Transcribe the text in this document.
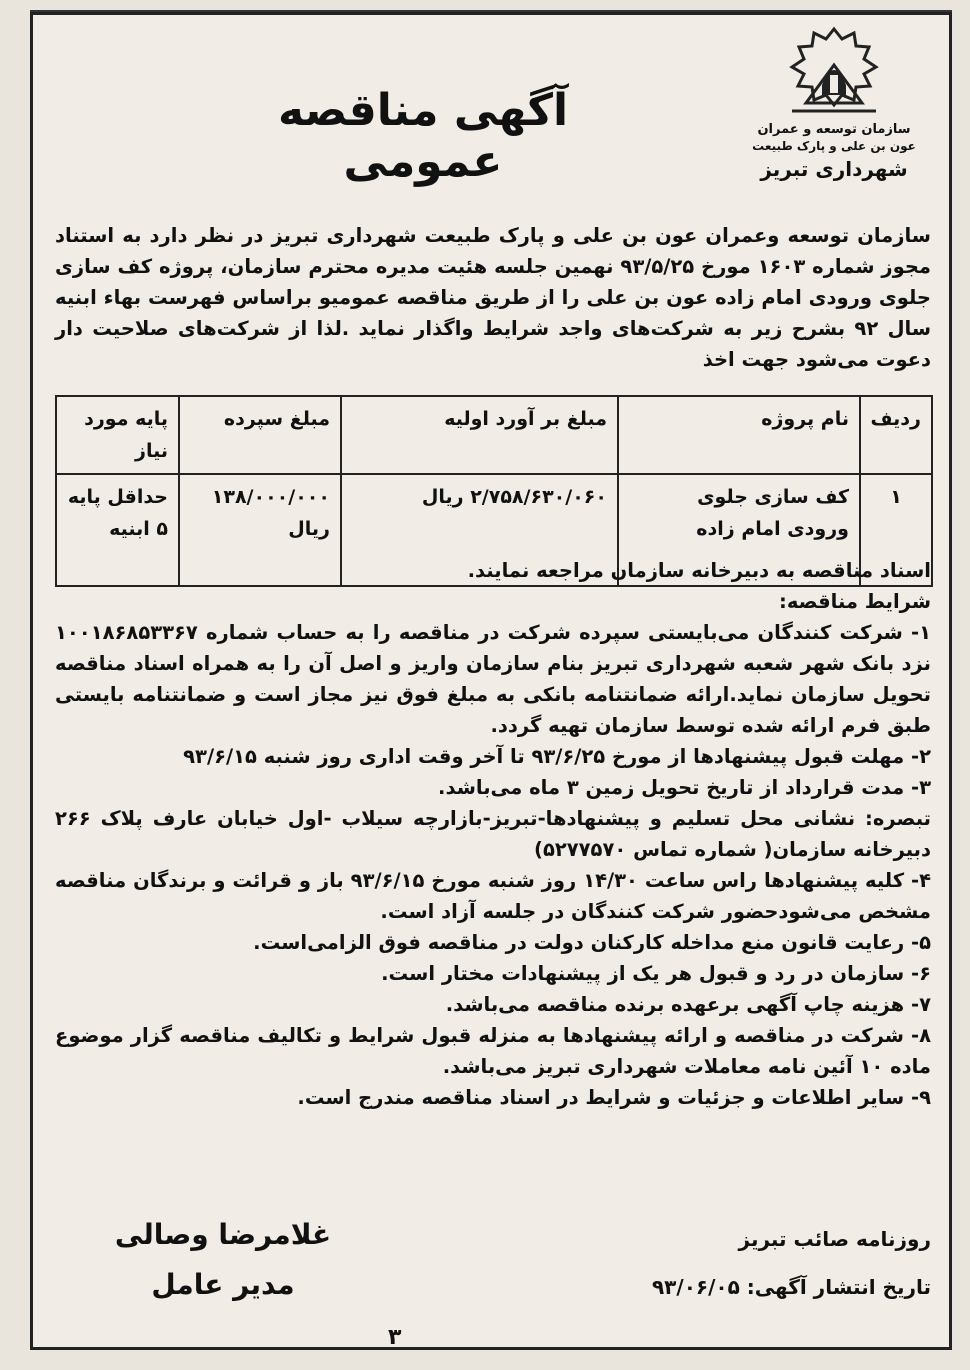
آگهی مناقصه عمومی
سازمان توسعه و عمران
عون بن علی و پارک طبیعت
شهرداری تبریز
سازمان توسعه وعمران عون بن علی و پارک طبیعت شهرداری تبریز در نظر دارد به استناد مجوز شماره ۱۶۰۳ مورخ ۹۳/۵/۲۵ نهمین جلسه هئیت مدیره محترم سازمان، پروژه کف سازی جلوی ورودی امام زاده عون بن علی را از طریق مناقصه عمومیو براساس فهرست بهاء ابنیه سال ۹۲ بشرح زیر به شرکت‌های واجد شرایط واگذار نماید .لذا از شرکت‌های صلاحیت دار دعوت می‌شود جهت اخذ
ردیف	نام پروژه	مبلغ بر آورد اولیه	مبلغ سپرده	پایه مورد نیاز
۱	کف سازی جلوی ورودی امام زاده	۲/۷۵۸/۶۳۰/۰۶۰ ریال	۱۳۸/۰۰۰/۰۰۰ ریال	حداقل پایه ۵ ابنیه

اسناد مناقصه به دبیرخانه سازمان مراجعه نمایند.

شرایط مناقصه:

۱- شرکت کنندگان می‌بایستی سپرده شرکت در مناقصه را به حساب شماره ۱۰۰۱۸۶۸۵۳۳۶۷ نزد بانک شهر شعبه شهرداری تبریز بنام سازمان واریز و اصل آن را به همراه اسناد مناقصه تحویل سازمان نماید.ارائه ضمانتنامه بانکی به مبلغ فوق نیز مجاز است و ضمانتنامه بایستی طبق فرم ارائه شده توسط سازمان تهیه گردد.

۲- مهلت قبول پیشنهادها از مورخ ۹۳/۶/۲۵ تا آخر وقت اداری روز شنبه ۹۳/۶/۱۵

۳- مدت قرارداد از تاریخ تحویل زمین ۳ ماه می‌باشد.

تبصره: نشانی محل تسلیم و پیشنهادها-تبریز-بازارچه سیلاب -اول خیابان عارف پلاک ۲۶۶ دبیرخانه سازمان( شماره تماس ۵۲۷۷۵۷۰)

۴- کلیه پیشنهادها راس ساعت ۱۴/۳۰ روز شنبه مورخ ۹۳/۶/۱۵ باز و قرائت و برندگان مناقصه مشخص می‌شودحضور شرکت کنندگان در جلسه آزاد است.

۵- رعایت قانون منع مداخله کارکنان دولت در مناقصه فوق الزامی‌است.

۶- سازمان در رد و قبول هر یک از پیشنهادات مختار است.

۷- هزینه چاپ آگهی برعهده برنده مناقصه می‌باشد.

۸- شرکت در مناقصه و ارائه پیشنهادها به منزله قبول شرایط و تکالیف مناقصه گزار موضوع ماده ۱۰ آئین نامه معاملات شهرداری تبریز می‌باشد.

۹- سایر اطلاعات و جزئیات و شرایط در اسناد مناقصه مندرج است.

روزنامه صائب تبریز
تاریخ انتشار آگهی: ۹۳/۰۶/۰۵
غلامرضا وصالی
مدیر عامل
۳
